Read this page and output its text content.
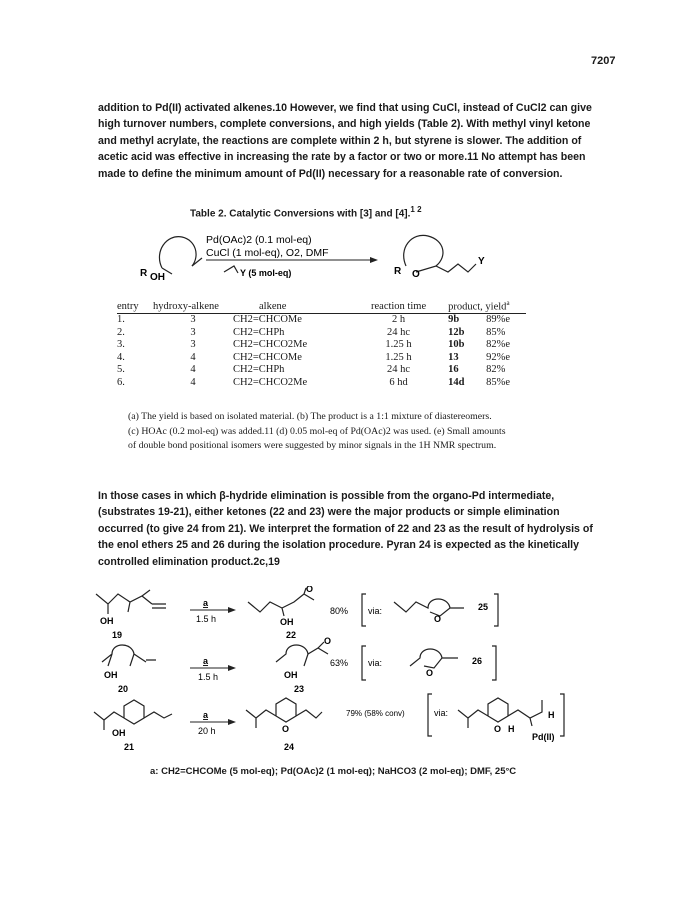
7207
addition to Pd(II) activated alkenes.10 However, we find that using CuCl, instead of CuCl2 can give
high turnover numbers, complete conversions, and high yields (Table 2). With methyl vinyl ketone
and methyl acrylate, the reactions are complete within 2 h, but styrene is slower. The addition of
acetic acid was effective in increasing the rate by a factor or two or more.11 No attempt has been
made to define the minimum amount of Pd(II) necessary for a reasonable rate of conversion.
Table 2. Catalytic Conversions with [3] and [4].$^{1 2}$
R OH
Pd(OAc)2 (0.1 mol-eq)
CuCl (1 mol-eq), O2, DMF
Y (5 mol-eq)	R O
Y
entry	hydroxy-alkene	alkene	reaction time	product, yield$^a$
1.	3	CH2=CHCOMe	2 h	9b	89%e
2.	3	CH2=CHPh	24 hc	12b	85%
3.	3	CH2=CHCO2Me	1.25 h	10b	82%e
4.	4	CH2=CHCOMe	1.25 h	13	92%e
5.	4	CH2=CHPh	24 hc	16	82%
6.	4	CH2=CHCO2Me	6 hd	14d	85%e
(a) The yield is based on isolated material. (b) The product is a 1:1 mixture of diastereomers.
(c) HOAc (0.2 mol-eq) was added.11 (d) 0.05 mol-eq of Pd(OAc)2 was used. (e) Small amounts
of double bond positional isomers were suggested by minor signals in the 1H NMR spectrum.
In those cases in which β-hydride elimination is possible from the organo-Pd intermediate,
(substrates 19-21), either ketones (22 and 23) were the major products or simple elimination
occurred (to give 24 from 21). We interpret the formation of 22 and 23 as the result of hydrolysis of
the enol ethers 25 and 26 during the isolation procedure. Pyran 24 is expected as the kinetically
controlled elimination product.2c,19
OH
19
a
1.5 h
O
OH
22
80% via:
O
25
OH
20
a
1.5 h
O
OH
23
63% via:
O
26
OH
21
a
20 h	O
24
79% (58% conv)	via:
O H
H
Pd(II)
a: CH2=CHCOMe (5 mol-eq); Pd(OAc)2 (1 mol-eq); NaHCO3 (2 mol-eq); DMF, 25°C
